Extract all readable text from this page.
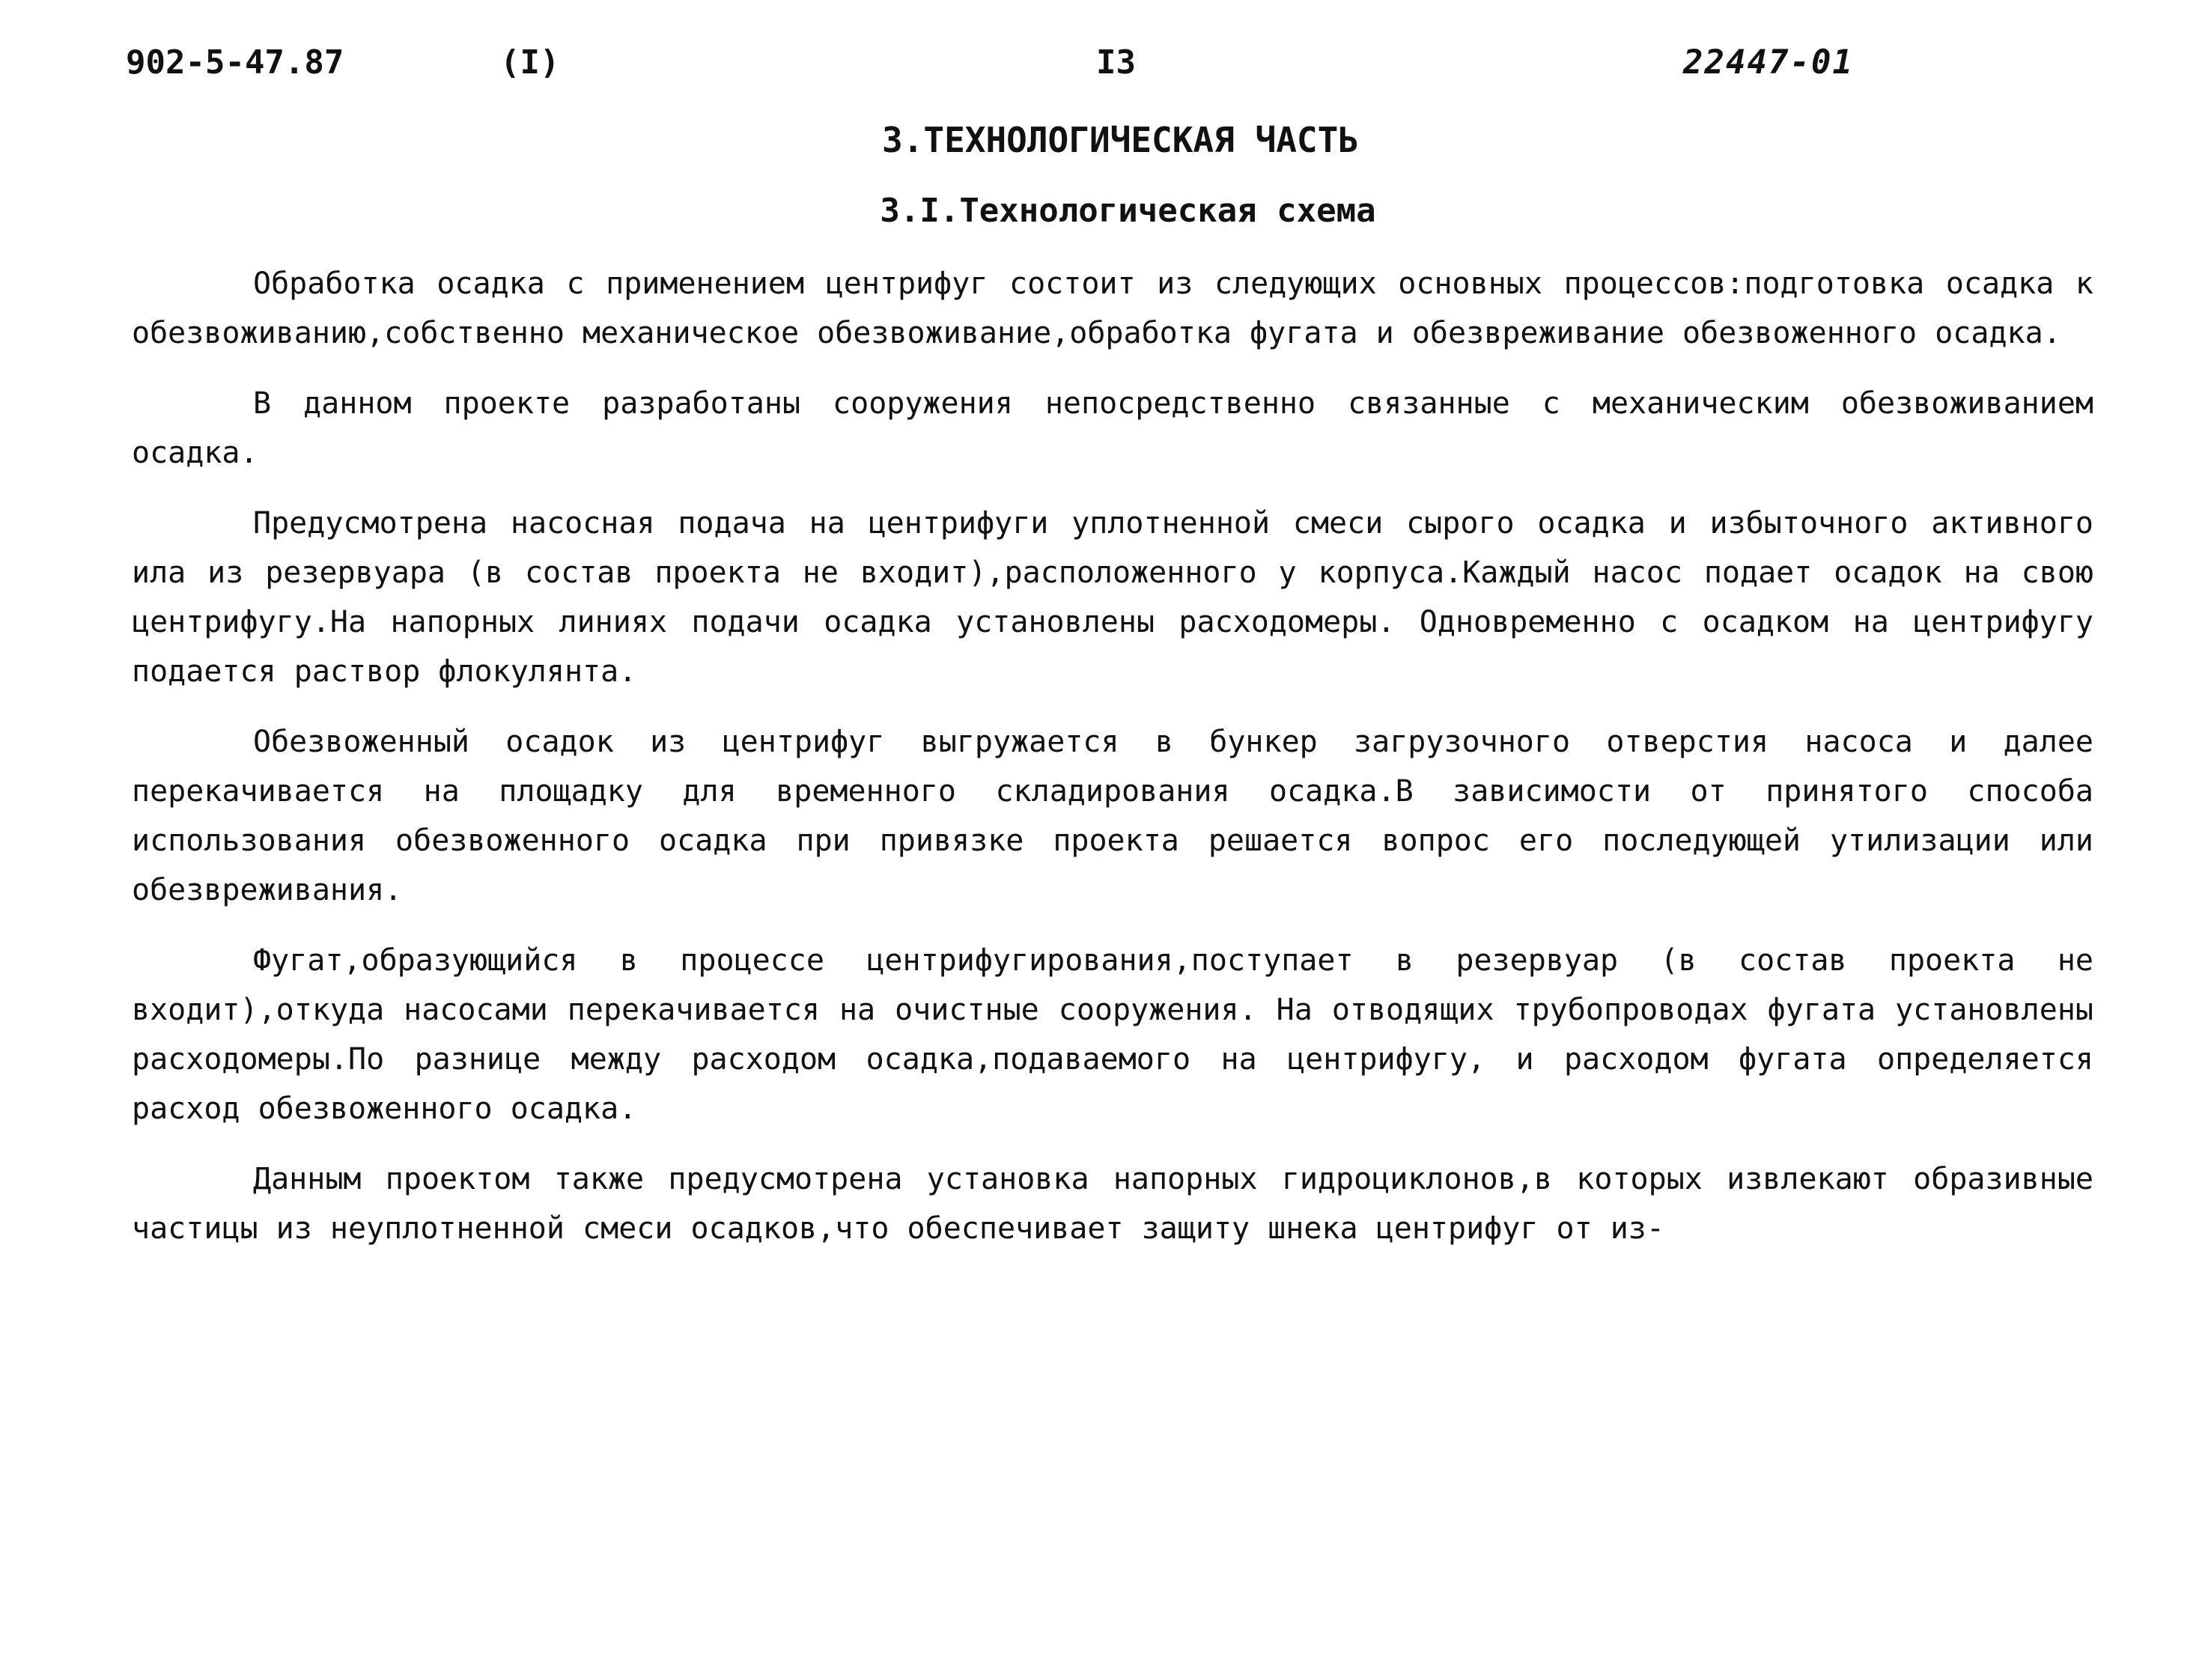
902-5-47.87	(I)	I3	22447-01
3.ТЕХНОЛОГИЧЕСКАЯ ЧАСТЬ
3.I.Технологическая схема

Обработка осадка с применением центрифуг состоит из следующих основных процессов:подготовка осадка к обезвоживанию,собственно механическое обезвоживание,обработка фугата и обезвреживание обезвоженного осадка.

В данном проекте разработаны сооружения непосредственно связанные с механическим обезвоживанием осадка.

Предусмотрена насосная подача на центрифуги уплотненной смеси сырого осадка и избыточного активного ила из резервуара (в состав проекта не входит),расположенного у корпуса.Каждый насос подает осадок на свою центрифугу.На напорных линиях подачи осадка установлены расходомеры. Одновременно с осадком на центрифугу подается раствор флокулянта.

Обезвоженный осадок из центрифуг выгружается в бункер загрузочного отверстия насоса и далее перекачивается на площадку для временного складирования осадка.В зависимости от принятого способа использования обезвоженного осадка при привязке проекта решается вопрос его последующей утилизации или обезвреживания.

Фугат,образующийся в процессе центрифугирования,поступает в резервуар (в состав проекта не входит),откуда насосами перекачивается на очистные сооружения. На отводящих трубопроводах фугата установлены расходомеры.По разнице между расходом осадка,подаваемого на центрифугу, и расходом фугата определяется расход обезвоженного осадка.

Данным проектом также предусмотрена установка напорных гидроциклонов,в которых извлекают образивные частицы из неуплотненной смеси осадков,что обеспечивает защиту шнека центрифуг от из-
